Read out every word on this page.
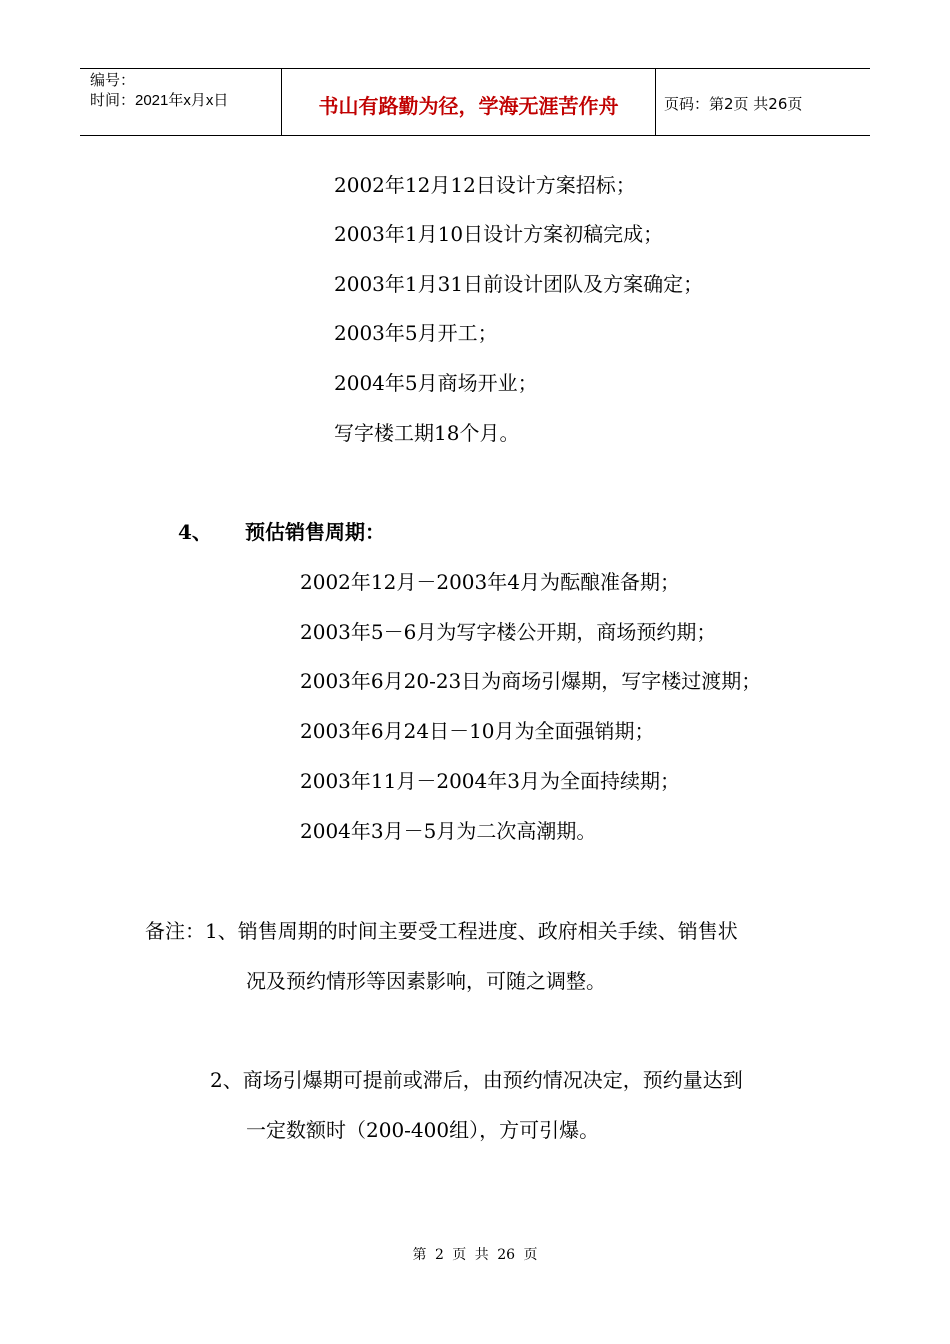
编号：
时间：2021年x月x日	书山有路勤为径，学海无涯苦作舟	页码：第2页 共26页
2002年12月12日设计方案招标；
2003年1月10日设计方案初稿完成；
2003年1月31日前设计团队及方案确定；
2003年5月开工；
2004年5月商场开业；
写字楼工期18个月。
4、 预估销售周期：
2002年12月－2003年4月为酝酿准备期；
2003年5－6月为写字楼公开期，商场预约期；
2003年6月20-23日为商场引爆期，写字楼过渡期；
2003年6月24日－10月为全面强销期；
2003年11月－2004年3月为全面持续期；
2004年3月－5月为二次高潮期。
备注：1、销售周期的时间主要受工程进度、政府相关手续、销售状
况及预约情形等因素影响，可随之调整。
2、商场引爆期可提前或滞后，由预约情况决定，预约量达到
一定数额时（200-400组），方可引爆。
第 2 页 共 26 页
